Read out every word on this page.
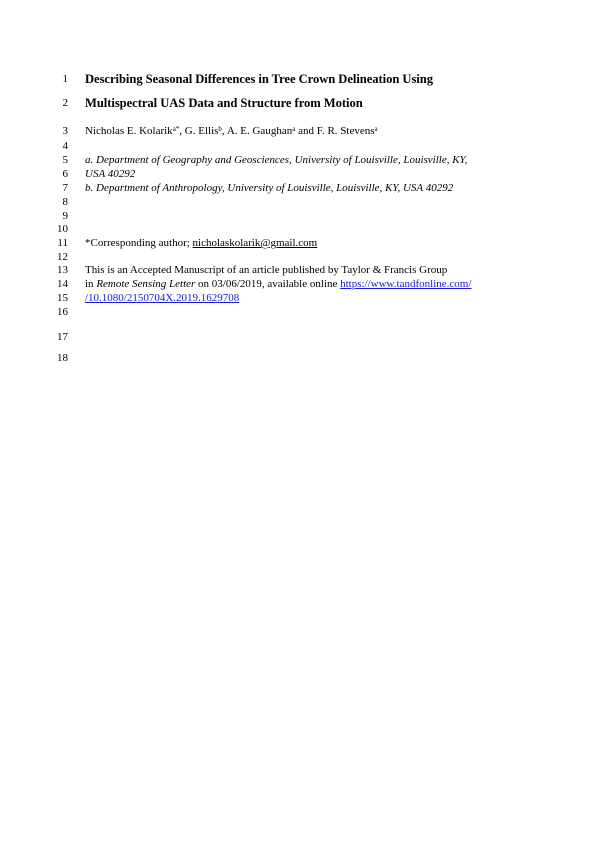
1 Describing Seasonal Differences in Tree Crown Delineation Using
2 Multispectral UAS Data and Structure from Motion
3 Nicholas E. Kolarik$^{a*}$, G. Ellis$^b$, A. E. Gaughan$^a$ and F. R. Stevens$^a$
4
5 a. Department of Geography and Geosciences, University of Louisville, Louisville, KY,
6 USA 40292
7 b. Department of Anthropology, University of Louisville, Louisville, KY, USA 40292
8
9
10
11 *Corresponding author; nicholaskolarik@gmail.com
12
13 This is an Accepted Manuscript of an article published by Taylor & Francis Group
14 in Remote Sensing Letter on 03/06/2019, available online https://www.tandfonline.com/
15 /10.1080/2150704X.2019.1629708
16
17
18
